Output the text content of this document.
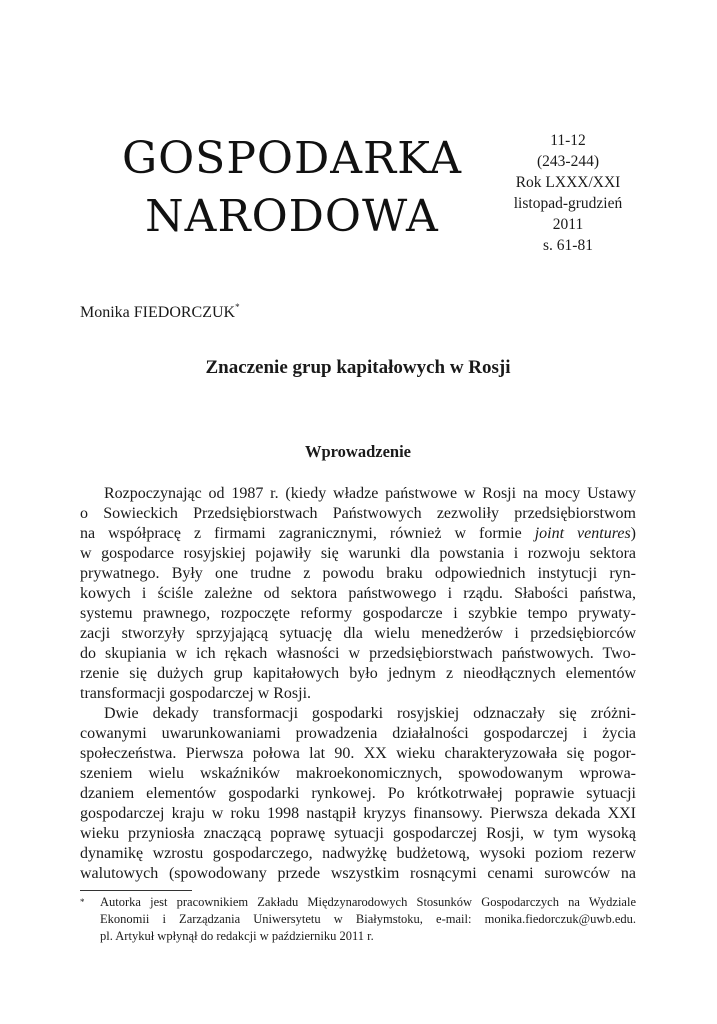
GOSPODARKA
NARODOWA
11-12
(243-244)
Rok LXXX/XXI
listopad-grudzień
2011
s. 61-81
Monika FIEDORCZUK*
Znaczenie grup kapitałowych w Rosji
Wprowadzenie
Rozpoczynając od 1987 r. (kiedy władze państwowe w Rosji na mocy Ustawy
o Sowieckich Przedsiębiorstwach Państwowych zezwoliły przedsiębiorstwom
na współpracę z firmami zagranicznymi, również w formie joint ventures)
w gospodarce rosyjskiej pojawiły się warunki dla powstania i rozwoju sektora
prywatnego. Były one trudne z powodu braku odpowiednich instytucji ryn-
kowych i ściśle zależne od sektora państwowego i rządu. Słabości państwa,
systemu prawnego, rozpoczęte reformy gospodarcze i szybkie tempo prywaty-
zacji stworzyły sprzyjającą sytuację dla wielu menedżerów i przedsiębiorców
do skupiania w ich rękach własności w przedsiębiorstwach państwowych. Two-
rzenie się dużych grup kapitałowych było jednym z nieodłącznych elementów
transformacji gospodarczej w Rosji.
Dwie dekady transformacji gospodarki rosyjskiej odznaczały się zróżni-
cowanymi uwarunkowaniami prowadzenia działalności gospodarczej i życia
społeczeństwa. Pierwsza połowa lat 90. XX wieku charakteryzowała się pogor-
szeniem wielu wskaźników makroekonomicznych, spowodowanym wprowa-
dzaniem elementów gospodarki rynkowej. Po krótkotrwałej poprawie sytuacji
gospodarczej kraju w roku 1998 nastąpił kryzys finansowy. Pierwsza dekada XXI
wieku przyniosła znaczącą poprawę sytuacji gospodarczej Rosji, w tym wysoką
dynamikę wzrostu gospodarczego, nadwyżkę budżetową, wysoki poziom rezerw
walutowych (spowodowany przede wszystkim rosnącymi cenami surowców na
* Autorka jest pracownikiem Zakładu Międzynarodowych Stosunków Gospodarczych na Wydziale
Ekonomii i Zarządzania Uniwersytetu w Białymstoku, e-mail: monika.fiedorczuk@uwb.edu.
pl. Artykuł wpłynął do redakcji w październiku 2011 r.
